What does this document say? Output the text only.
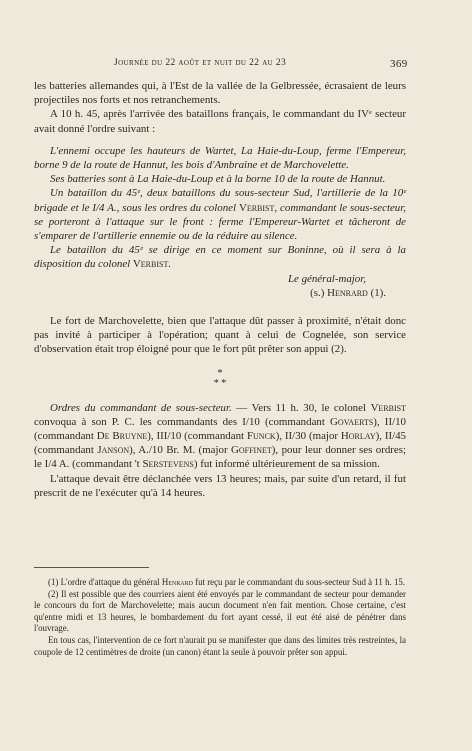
Journée du 22 août et nuit du 22 au 23	369

les batteries allemandes qui, à l'Est de la vallée de la Gelbressée, écrasaient de leurs projectiles nos forts et nos retranchements.

A 10 h. 45, après l'arrivée des bataillons français, le commandant du IVᵉ secteur avait donné l'ordre suivant :

L'ennemi occupe les hauteurs de Wartet, La Haie-du-Loup, ferme l'Empereur, borne 9 de la route de Hannut, les bois d'Ambraine et de Marchovelette.

Ses batteries sont à La Haie-du-Loup et à la borne 10 de la route de Hannut.

Un bataillon du 45ᵉ, deux bataillons du sous-secteur Sud, l'artillerie de la 10ᵉ brigade et le I/4 A., sous les ordres du colonel Verbist, commandant le sous-secteur, se porteront à l'attaque sur le front : ferme l'Empereur-Wartet et tâcheront de s'emparer de l'artillerie ennemie ou de la réduire au silence.

Le bataillon du 45ᵉ se dirige en ce moment sur Boninne, où il sera à la disposition du colonel Verbist.

Le général-major,

(s.) Henrard (1).

Le fort de Marchovelette, bien que l'attaque dût passer à proximité, n'était donc pas invité à participer à l'opération; quant à celui de Cognelée, son service d'observation était trop éloigné pour que le fort pût prêter son appui (2).

*
* *

Ordres du commandant de sous-secteur. — Vers 11 h. 30, le colonel Verbist convoqua à son P. C. les commandants des I/10 (commandant Govaerts), II/10 (commandant De Bruyne), III/10 (commandant Funck), II/30 (major Horlay), II/45 (commandant Janson), A./10 Br. M. (major Goffinet), pour leur donner ses ordres; le I/4 A. (commandant 't Serstevens) fut informé ultérieurement de sa mission.

L'attaque devait être déclanchée vers 13 heures; mais, par suite d'un retard, il fut prescrit de ne l'exécuter qu'à 14 heures.

(1) L'ordre d'attaque du général Henrard fut reçu par le commandant du sous-secteur Sud à 11 h. 15.

(2) Il est possible que des courriers aient été envoyés par le commandant de secteur pour demander le concours du fort de Marchovelette; mais aucun document n'en fait mention. Chose certaine, c'est qu'entre midi et 13 heures, le bombardement du fort ayant cessé, il eut été aisé de pénétrer dans l'ouvrage.

En tous cas, l'intervention de ce fort n'aurait pu se manifester que dans des limites très restreintes, la coupole de 12 centimètres de droite (un canon) étant la seule à pouvoir prêter son appui.
